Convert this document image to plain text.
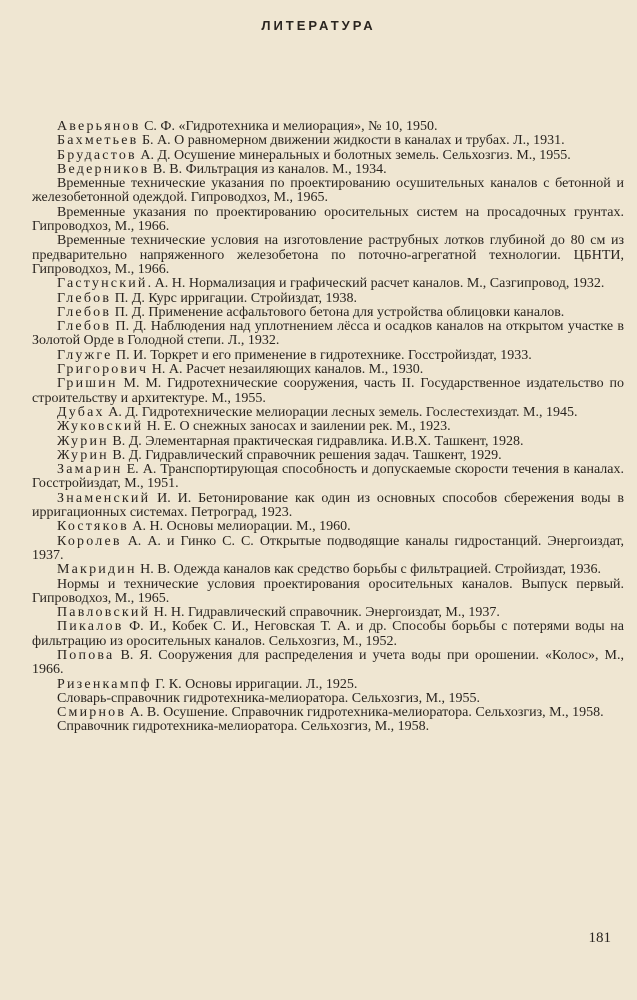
ЛИТЕРАТУРА
Аверьянов С. Ф. «Гидротехника и мелиорация», № 10, 1950.
Бахметьев Б. А. О равномерном движении жидкости в каналах и трубах. Л., 1931.
Брудастов А. Д. Осушение минеральных и болотных земель. Сельхозгиз. М., 1955.
Ведерников В. В. Фильтрация из каналов. М., 1934.
Временные технические указания по проектированию осушительных каналов с бетонной и железобетонной одеждой. Гипроводхоз, М., 1965.
Временные указания по проектированию оросительных систем на просадочных грунтах. Гипроводхоз, М., 1966.
Временные технические условия на изготовление раструбных лотков глубиной до 80 см из предварительно напряженного железобетона по поточно-агрегатной технологии. ЦБНТИ, Гипроводхоз, М., 1966.
Гастунский. А. Н. Нормализация и графический расчет каналов. М., Сазгипровод, 1932.
Глебов П. Д. Курс ирригации. Стройиздат, 1938.
Глебов П. Д. Применение асфальтового бетона для устройства облицовки каналов.
Глебов П. Д. Наблюдения над уплотнением лёсса и осадков каналов на открытом участке в Золотой Орде в Голодной степи. Л., 1932.
Глужге П. И. Торкрет и его применение в гидротехнике. Госстройиздат, 1933.
Григорович Н. А. Расчет незаиляющих каналов. М., 1930.
Гришин М. М. Гидротехнические сооружения, часть II. Государственное издательство по строительству и архитектуре. М., 1955.
Дубах А. Д. Гидротехнические мелиорации лесных земель. Гослестехиздат. М., 1945.
Жуковский Н. Е. О снежных заносах и заилении рек. М., 1923.
Журин В. Д. Элементарная практическая гидравлика. И.В.Х. Ташкент, 1928.
Журин В. Д. Гидравлический справочник решения задач. Ташкент, 1929.
Замарин Е. А. Транспортирующая способность и допускаемые скорости течения в каналах. Госстройиздат, М., 1951.
Знаменский И. И. Бетонирование как один из основных способов сбережения воды в ирригационных системах. Петроград, 1923.
Костяков А. Н. Основы мелиорации. М., 1960.
Королев А. А. и Гинко С. С. Открытые подводящие каналы гидростанций. Энергоиздат, 1937.
Макридин Н. В. Одежда каналов как средство борьбы с фильтрацией. Стройиздат, 1936.
Нормы и технические условия проектирования оросительных каналов. Выпуск первый. Гипроводхоз, М., 1965.
Павловский Н. Н. Гидравлический справочник. Энергоиздат, М., 1937.
Пикалов Ф. И., Кобек С. И., Неговская Т. А. и др. Способы борьбы с потерями воды на фильтрацию из оросительных каналов. Сельхозгиз, М., 1952.
Попова В. Я. Сооружения для распределения и учета воды при орошении. «Колос», М., 1966.
Ризенкампф Г. К. Основы ирригации. Л., 1925.
Словарь-справочник гидротехника-мелиоратора. Сельхозгиз, М., 1955.
Смирнов А. В. Осушение. Справочник гидротехника-мелиоратора. Сельхозгиз, М., 1958.
Справочник гидротехника-мелиоратора. Сельхозгиз, М., 1958.
181
